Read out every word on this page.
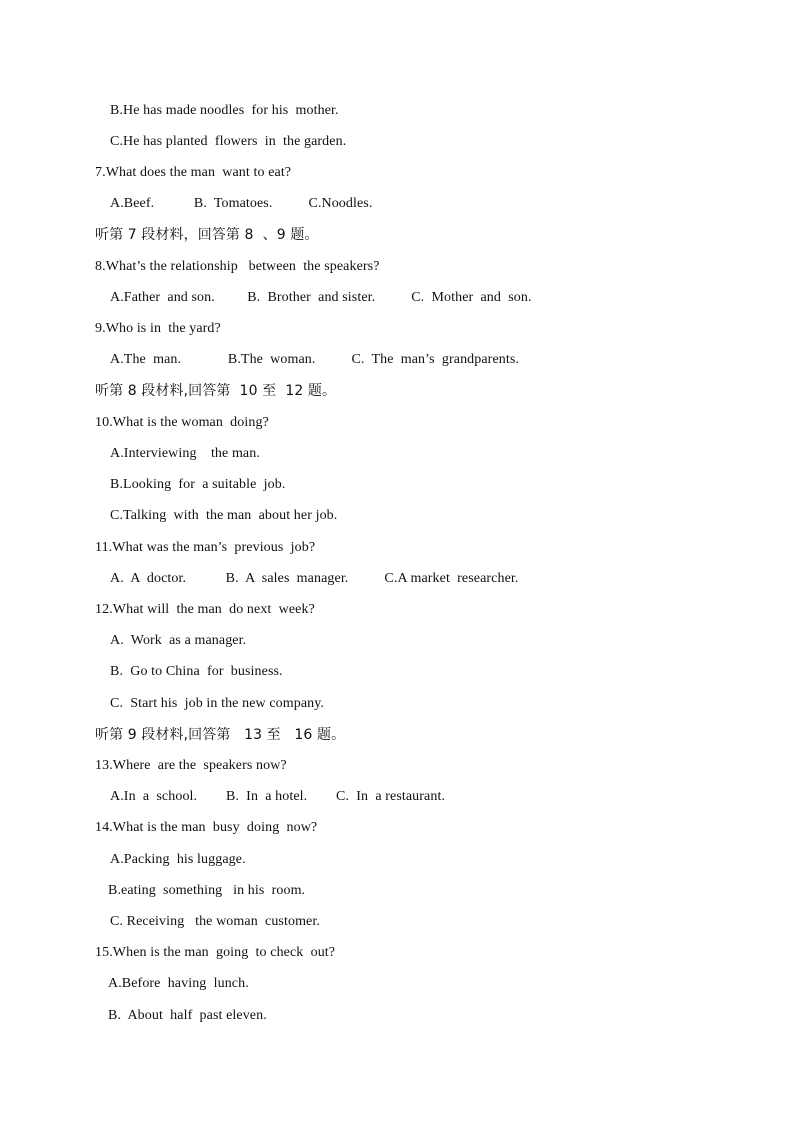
B.He has made noodles  for his  mother.
C.He has planted  flowers  in  the garden.
7.What does the man  want to eat?
A.Beef.           B.  Tomatoes.          C.Noodles.
听第 7 段材料，回答第 8  、9 题。
8.What’s the relationship   between  the speakers?
A.Father  and son.         B.  Brother  and sister.          C.  Mother  and  son.
9.Who is in  the yard?
A.The  man.             B.The  woman.          C.  The  man’s  grandparents.
听第 8 段材料,回答第  10 至  12 题。
10.What is the woman  doing?
A.Interviewing    the man.
B.Looking  for  a suitable  job.
C.Talking  with  the man  about her job.
11.What was the man’s  previous  job?
A.  A  doctor.           B.  A  sales  manager.          C.A market  researcher.
12.What will  the man  do next  week?
A.  Work  as a manager.
B.  Go to China  for  business.
C.  Start his  job in the new company.
听第 9 段材料,回答第   13 至   16 题。
13.Where  are the  speakers now?
A.In  a  school.        B.  In  a hotel.        C.  In  a restaurant.
14.What is the man  busy  doing  now?
A.Packing  his luggage.
B.eating  something   in his  room.
C. Receiving   the woman  customer.
15.When is the man  going  to check  out?
A.Before  having  lunch.
B.  About  half  past eleven.
